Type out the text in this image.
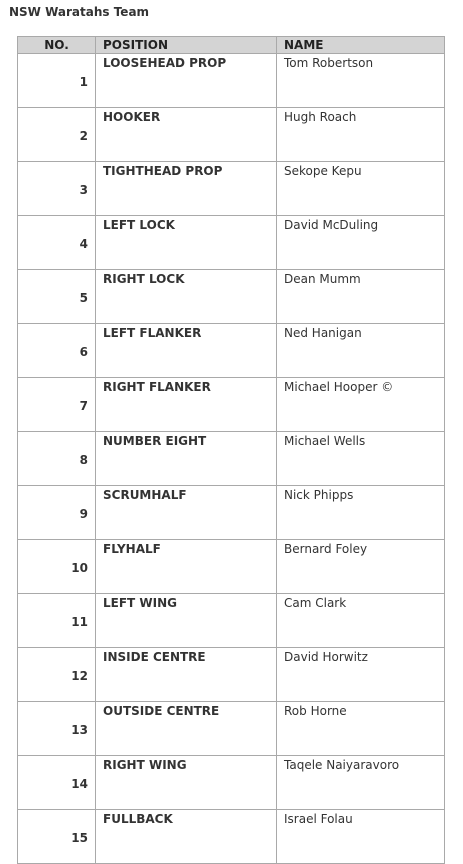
NSW Waratahs Team
NO.	POSITION	NAME
1	LOOSEHEAD PROP	Tom Robertson
2	HOOKER	Hugh Roach
3	TIGHTHEAD PROP	Sekope Kepu
4	LEFT LOCK	David McDuling
5	RIGHT LOCK	Dean Mumm
6	LEFT FLANKER	Ned Hanigan
7	RIGHT FLANKER	Michael Hooper ©
8	NUMBER EIGHT	Michael Wells
9	SCRUMHALF	Nick Phipps
10	FLYHALF	Bernard Foley
11	LEFT WING	Cam Clark
12	INSIDE CENTRE	David Horwitz
13	OUTSIDE CENTRE	Rob Horne
14	RIGHT WING	Taqele Naiyaravoro
15	FULLBACK	Israel Folau
